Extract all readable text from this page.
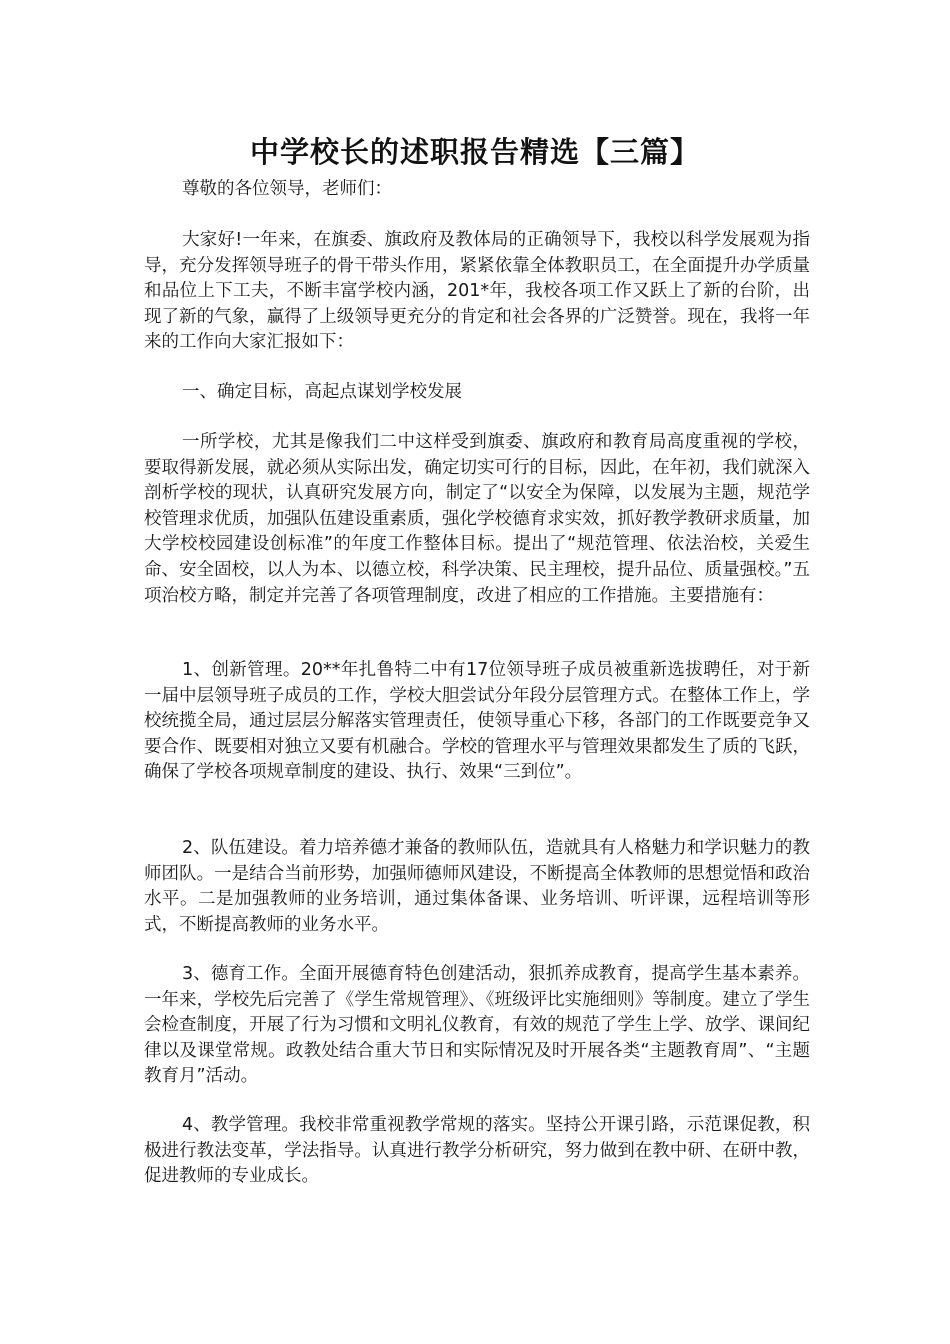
中学校长的述职报告精选【三篇】
尊敬的各位领导，老师们：

大家好!一年来，在旗委、旗政府及教体局的正确领导下，我校以科学发展观为指导，充分发挥领导班子的骨干带头作用，紧紧依靠全体教职员工，在全面提升办学质量和品位上下工夫，不断丰富学校内涵，201*年，我校各项工作又跃上了新的台阶，出现了新的气象，赢得了上级领导更充分的肯定和社会各界的广泛赞誉。现在，我将一年来的工作向大家汇报如下：

一、确定目标，高起点谋划学校发展

一所学校，尤其是像我们二中这样受到旗委、旗政府和教育局高度重视的学校，要取得新发展，就必须从实际出发，确定切实可行的目标，因此，在年初，我们就深入剖析学校的现状，认真研究发展方向，制定了“以安全为保障，以发展为主题，规范学校管理求优质，加强队伍建设重素质，强化学校德育求实效，抓好教学教研求质量，加大学校校园建设创标准”的年度工作整体目标。提出了“规范管理、依法治校，关爱生命、安全固校，以人为本、以德立校，科学决策、民主理校，提升品位、质量强校。”五项治校方略，制定并完善了各项管理制度，改进了相应的工作措施。主要措施有：

1、创新管理。20**年扎鲁特二中有17位领导班子成员被重新选拔聘任，对于新一届中层领导班子成员的工作，学校大胆尝试分年段分层管理方式。在整体工作上，学校统揽全局，通过层层分解落实管理责任，使领导重心下移，各部门的工作既要竞争又要合作、既要相对独立又要有机融合。学校的管理水平与管理效果都发生了质的飞跃，确保了学校各项规章制度的建设、执行、效果“三到位”。

2、队伍建设。着力培养德才兼备的教师队伍，造就具有人格魅力和学识魅力的教师团队。一是结合当前形势，加强师德师风建设，不断提高全体教师的思想觉悟和政治水平。二是加强教师的业务培训，通过集体备课、业务培训、听评课，远程培训等形式，不断提高教师的业务水平。

3、德育工作。全面开展德育特色创建活动，狠抓养成教育，提高学生基本素养。一年来，学校先后完善了《学生常规管理》、《班级评比实施细则》等制度。建立了学生会检查制度，开展了行为习惯和文明礼仪教育，有效的规范了学生上学、放学、课间纪律以及课堂常规。政教处结合重大节日和实际情况及时开展各类“主题教育周”、“主题教育月”活动。

4、教学管理。我校非常重视教学常规的落实。坚持公开课引路，示范课促教，积极进行教法变革，学法指导。认真进行教学分析研究，努力做到在教中研、在研中教，促进教师的专业成长。
